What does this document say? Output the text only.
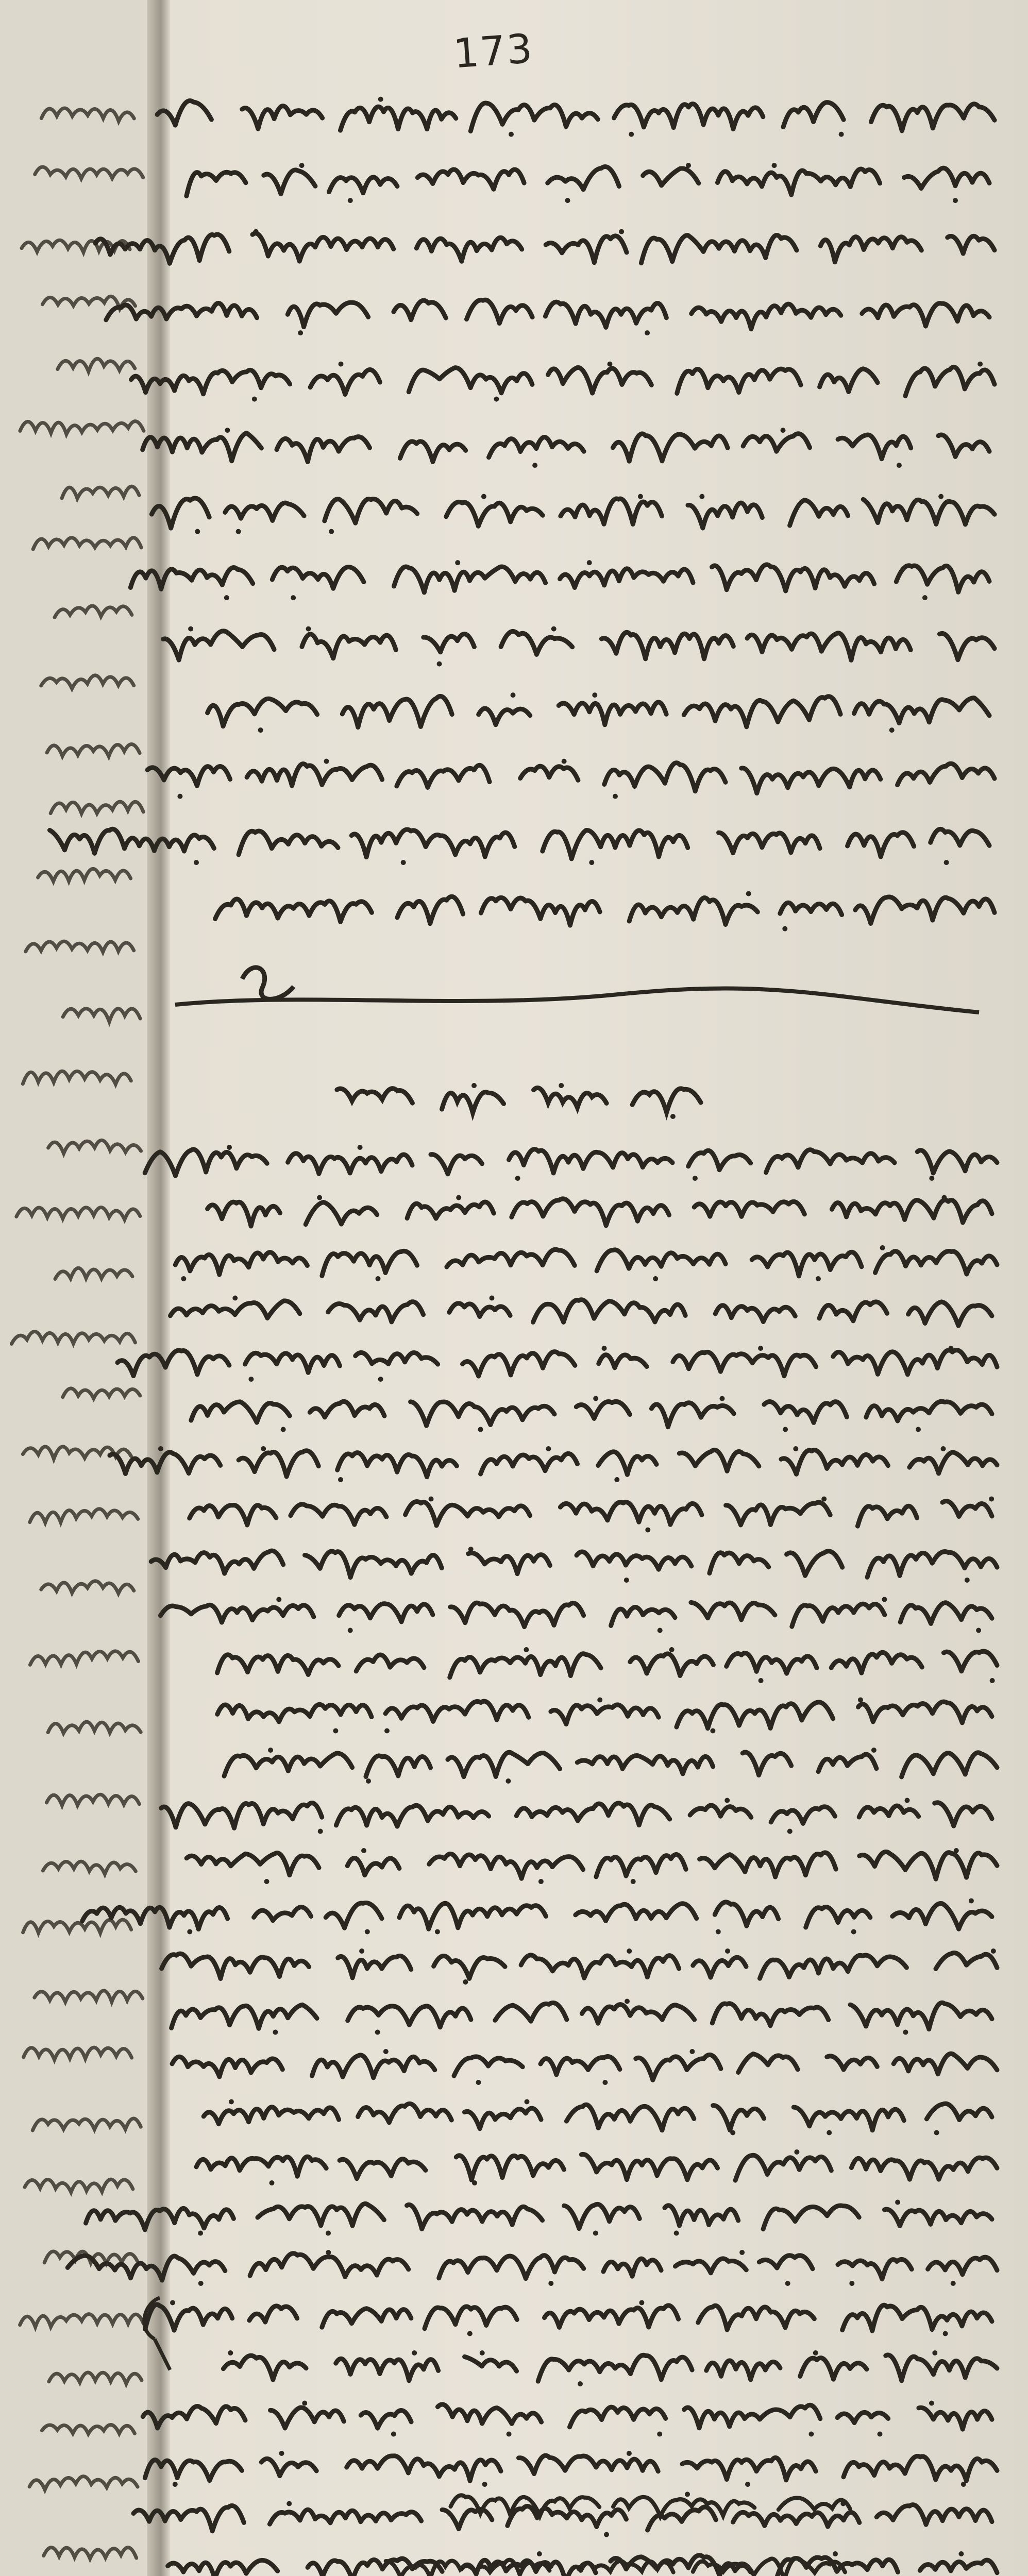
173
